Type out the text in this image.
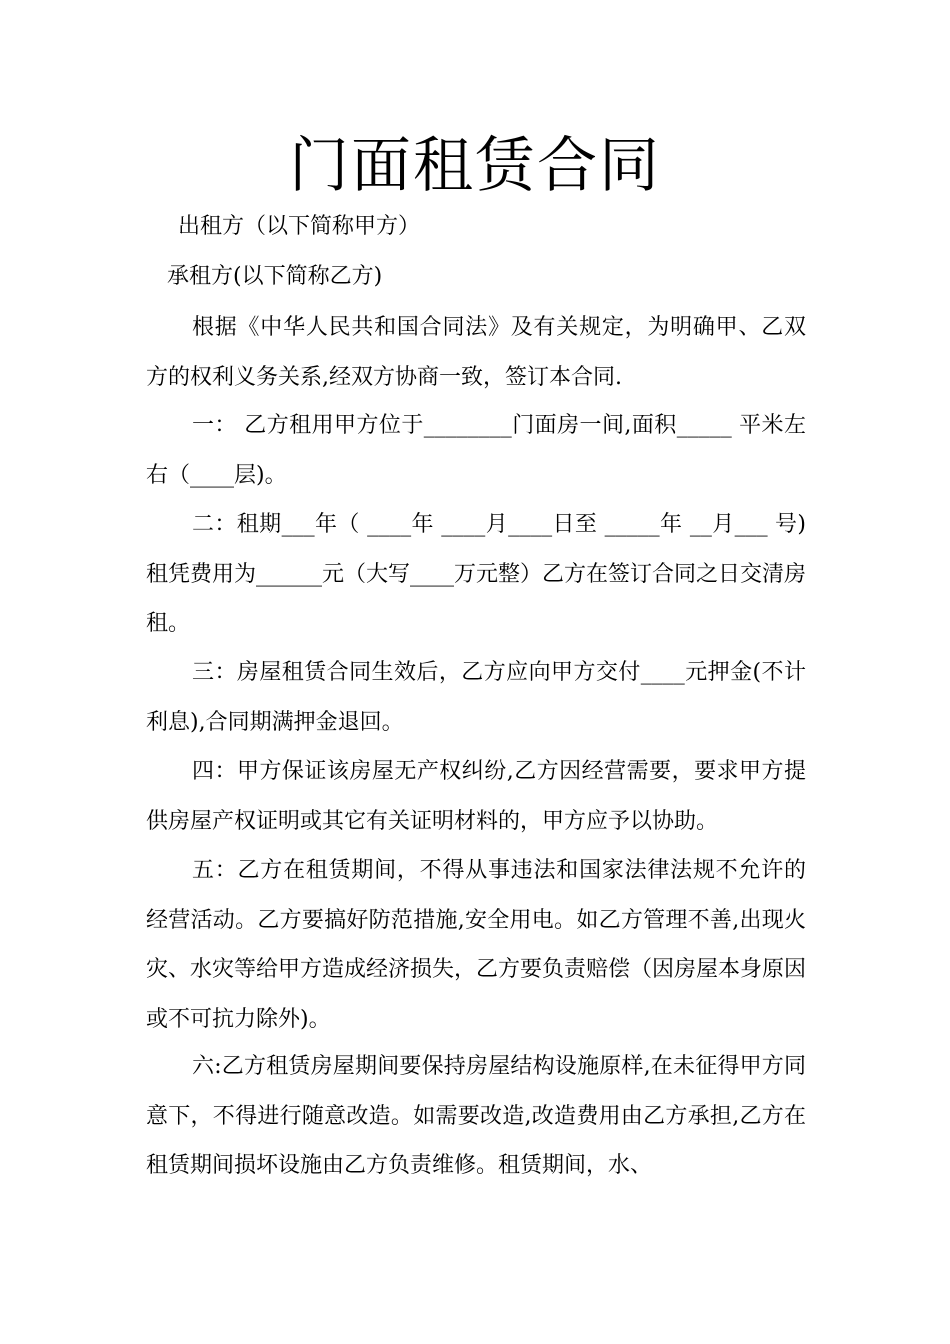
门面租赁合同

出租方（以下简称甲方）

承租方(以下简称乙方)

根据《中华人民共和国合同法》及有关规定，为明确甲、乙双方的权利义务关系,经双方协商一致，签订本合同.

一： 乙方租用甲方位于________门面房一间,面积_____ 平米左右（____层)。

二：租期___年（ ____年 ____月____日至 _____年 __月___ 号)租凭费用为______元（大写____万元整）乙方在签订合同之日交清房租。

三：房屋租赁合同生效后，乙方应向甲方交付____元押金(不计利息),合同期满押金退回。

四：甲方保证该房屋无产权纠纷,乙方因经营需要，要求甲方提供房屋产权证明或其它有关证明材料的，甲方应予以协助。

五：乙方在租赁期间，不得从事违法和国家法律法规不允许的经营活动。乙方要搞好防范措施,安全用电。如乙方管理不善,出现火灾、水灾等给甲方造成经济损失，乙方要负责赔偿（因房屋本身原因或不可抗力除外)。

六:乙方租赁房屋期间要保持房屋结构设施原样,在未征得甲方同意下，不得进行随意改造。如需要改造,改造费用由乙方承担,乙方在租赁期间损坏设施由乙方负责维修。租赁期间，水、
